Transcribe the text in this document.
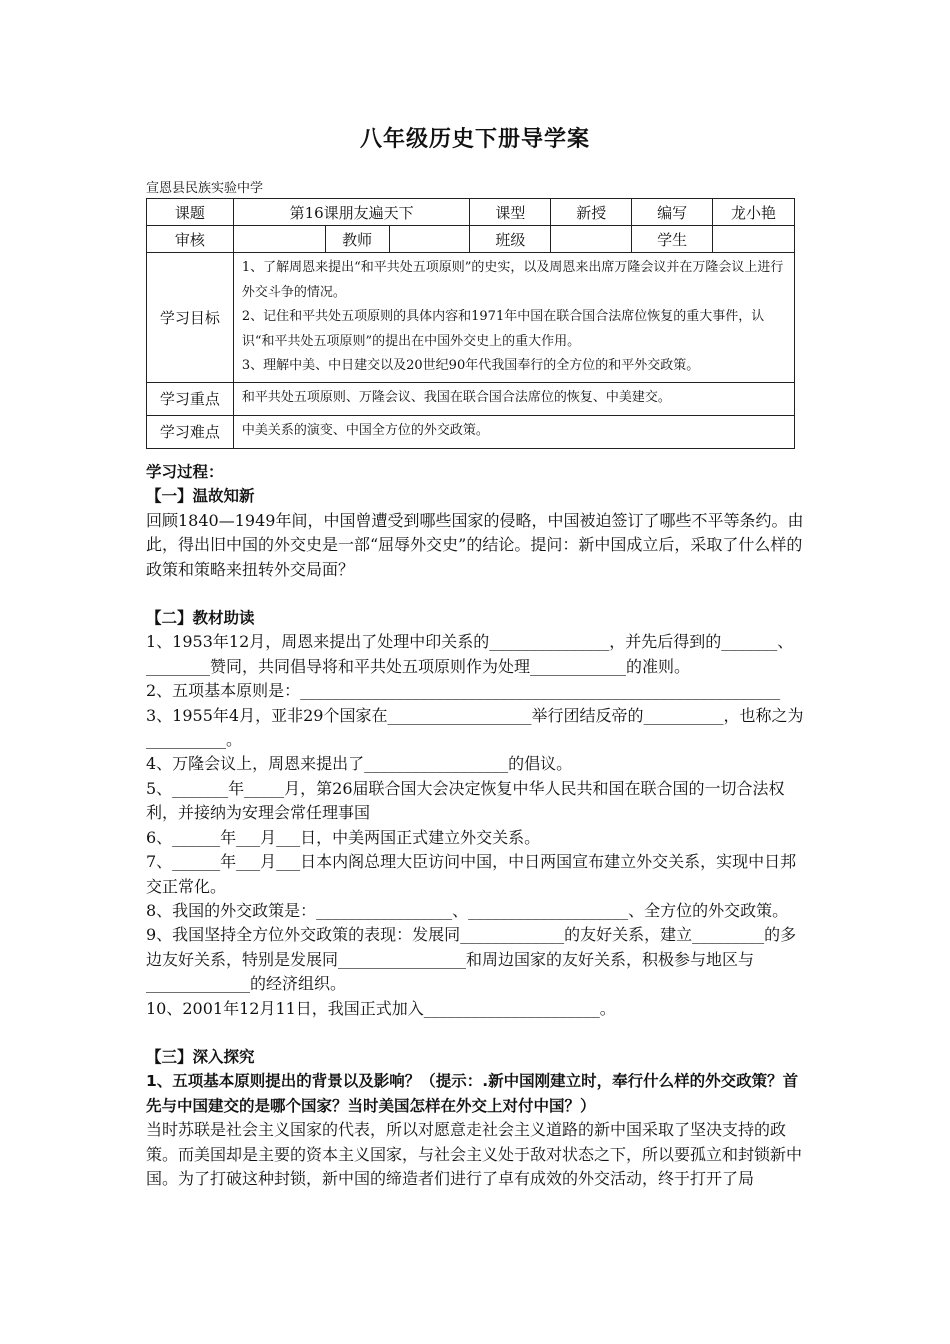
八年级历史下册导学案
宣恩县民族实验中学
课题	第16课朋友遍天下			课型	新授	编写	龙小艳
审核		教师		班级		学生	
学习目标	1、了解周恩来提出“和平共处五项原则”的史实，以及周恩来出席万隆会议并在万隆会议上进行外交斗争的情况。
2、记住和平共处五项原则的具体内容和1971年中国在联合国合法席位恢复的重大事件，认识“和平共处五项原则”的提出在中国外交史上的重大作用。
3、理解中美、中日建交以及20世纪90年代我国奉行的全方位的和平外交政策。						
学习重点	和平共处五项原则、万隆会议、我国在联合国合法席位的恢复、中美建交。						
学习难点	中美关系的演变、中国全方位的外交政策。						

学习过程：

【一】温故知新

回顾1840—1949年间，中国曾遭受到哪些国家的侵略，中国被迫签订了哪些不平等条约。由此，得出旧中国的外交史是一部“屈辱外交史”的结论。提问：新中国成立后，采取了什么样的政策和策略来扭转外交局面？

【二】教材助读

1、1953年12月，周恩来提出了处理中印关系的_______________，并先后得到的_______、________赞同，共同倡导将和平共处五项原则作为处理____________的准则。

2、五项基本原则是：____________________________________________________________

3、1955年4月，亚非29个国家在__________________举行团结反帝的__________，也称之为__________。

4、万隆会议上，周恩来提出了__________________的倡议。

5、_______年_____月，第26届联合国大会决定恢复中华人民共和国在联合国的一切合法权利，并接纳为安理会常任理事国

6、______年___月___日，中美两国正式建立外交关系。

7、______年___月___日本内阁总理大臣访问中国，中日两国宣布建立外交关系，实现中日邦交正常化。

8、我国的外交政策是：_________________、____________________、全方位的外交政策。

9、我国坚持全方位外交政策的表现：发展同_____________的友好关系，建立_________的多边友好关系，特别是发展同________________和周边国家的友好关系，积极参与地区与_____________的经济组织。

10、2001年12月11日，我国正式加入______________________。

【三】深入探究

1、五项基本原则提出的背景以及影响？（提示：.新中国刚建立时，奉行什么样的外交政策？首先与中国建交的是哪个国家？当时美国怎样在外交上对付中国？）

当时苏联是社会主义国家的代表，所以对愿意走社会主义道路的新中国采取了坚决支持的政策。而美国却是主要的资本主义国家，与社会主义处于敌对状态之下，所以要孤立和封锁新中国。为了打破这种封锁，新中国的缔造者们进行了卓有成效的外交活动，终于打开了局
